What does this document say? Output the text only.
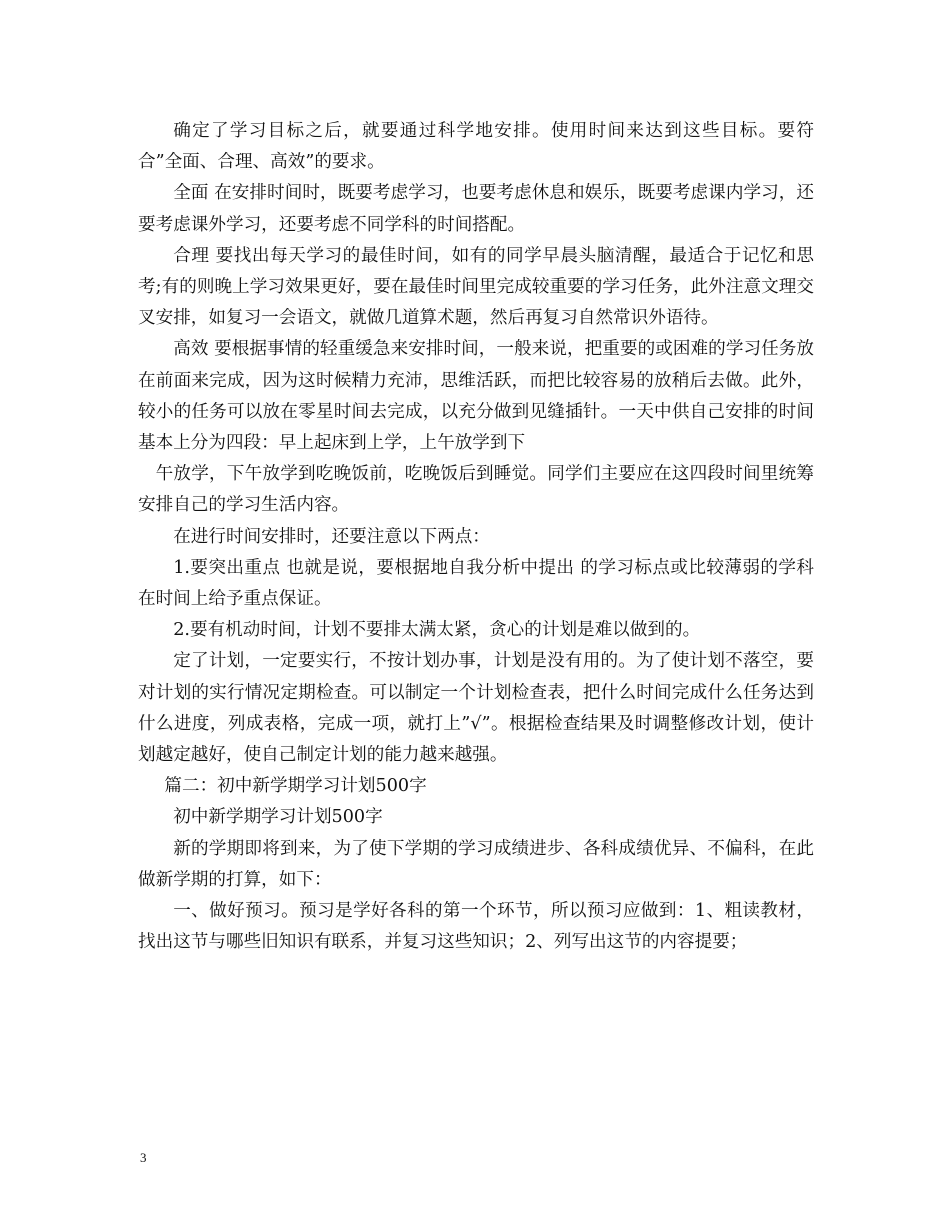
确定了学习目标之后，就要通过科学地安排。使用时间来达到这些目标。要符合”全面、合理、高效”的要求。

全面 在安排时间时，既要考虑学习，也要考虑休息和娱乐，既要考虑课内学习，还要考虑课外学习，还要考虑不同学科的时间搭配。

合理 要找出每天学习的最佳时间，如有的同学早晨头脑清醒，最适合于记忆和思考;有的则晚上学习效果更好，要在最佳时间里完成较重要的学习任务，此外注意文理交叉安排，如复习一会语文，就做几道算术题，然后再复习自然常识外语待。

高效 要根据事情的轻重缓急来安排时间，一般来说，把重要的或困难的学习任务放在前面来完成，因为这时候精力充沛，思维活跃，而把比较容易的放稍后去做。此外，较小的任务可以放在零星时间去完成，以充分做到见缝插针。一天中供自己安排的时间基本上分为四段：早上起床到上学，上午放学到下

午放学，下午放学到吃晚饭前，吃晚饭后到睡觉。同学们主要应在这四段时间里统筹安排自己的学习生活内容。

在进行时间安排时，还要注意以下两点：

1.要突出重点 也就是说，要根据地自我分析中提出 的学习标点或比较薄弱的学科在时间上给予重点保证。

2.要有机动时间，计划不要排太满太紧，贪心的计划是难以做到的。

定了计划，一定要实行，不按计划办事，计划是没有用的。为了使计划不落空，要对计划的实行情况定期检查。可以制定一个计划检查表，把什么时间完成什么任务达到什么进度，列成表格，完成一项，就打上”√”。根据检查结果及时调整修改计划，使计划越定越好，使自己制定计划的能力越来越强。

篇二：初中新学期学习计划500字

初中新学期学习计划500字

新的学期即将到来，为了使下学期的学习成绩进步、各科成绩优异、不偏科，在此做新学期的打算，如下：

一、做好预习。预习是学好各科的第一个环节，所以预习应做到：1、粗读教材，找出这节与哪些旧知识有联系，并复习这些知识；2、列写出这节的内容提要；

3
